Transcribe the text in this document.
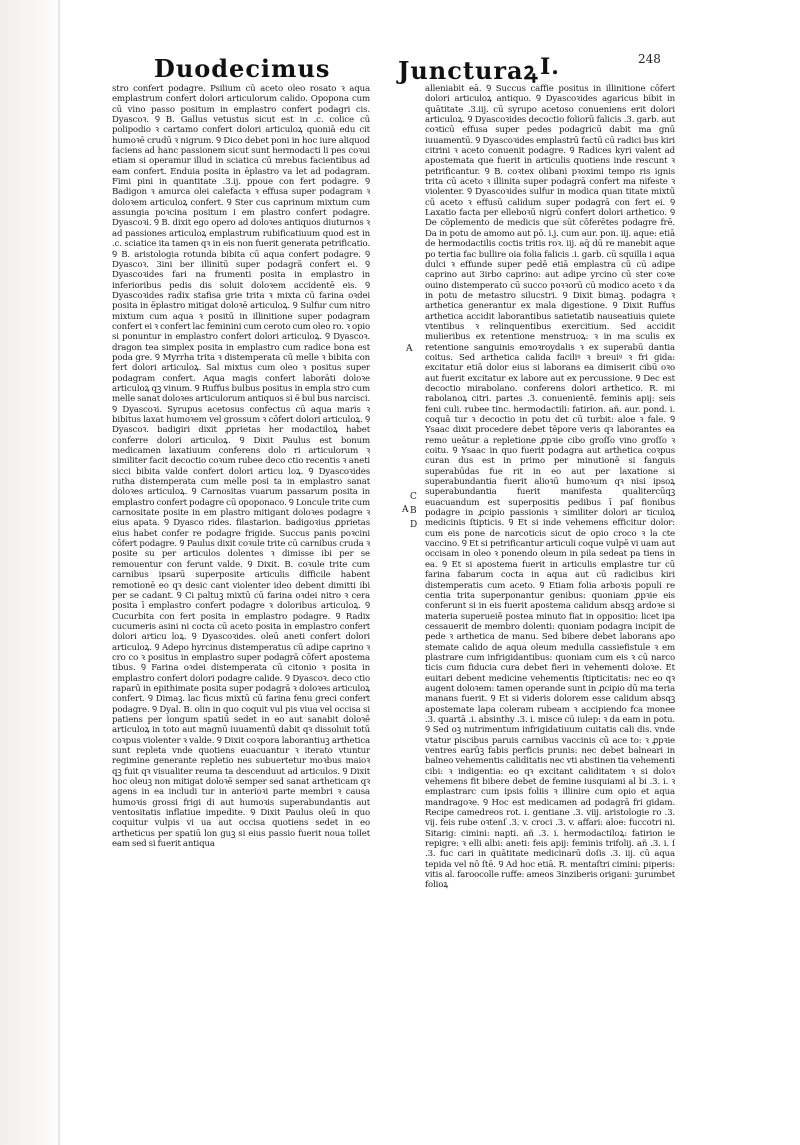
Duodecimus	Juncturaꝝ I.	248

stro confert podagre. Psilium cū aceto oleo rosato ꝛ aqua emplastrum confert dolori articulorum calido. Opopona cum cū vino passo positum in emplastro confert podagri cis. Dyascoꝛ. Ꝯ B. Gallus vetustus sicut est in .c. colice cū polipodio ꝛ cartamo confert dolori articuloꝝ quoniā edu cit humoꝛē crudū ꝛ nigrum. Ꝯ Dico debet poni in hoc iure aliquod faciens ad hanc passionem sicut sunt hermodacti li pes coꝛui etiam si operamur illud in sciatica cū mrebus facientibus ad eam confert. Enduia posita in ēplastro va let ad podagram. Fimi pini in quantitate .3.ij. ppoue con fert podagre. Ꝯ Badigon ꝛ amurca olei calefacta ꝛ effusa super podagram ꝛ doloꝛem articuloꝝ confert. Ꝯ Ster cus caprinum mixtum cum assungia poꝛcina positum i em plastro confert podagre. Dyascoꝛi. Ꝯ B. dixit ego opero ad doloꝛes antiquos diuturnos ꝛ ad passiones articuloꝝ emplastrum rubificatiuum quod est in .c. sciatice ita tamen qꝛ in eis non fuerit generata petrificatio. Ꝯ B. aristologia rotunda bibita cū aqua confert podagre. Ꝯ Dyascoꝛ. 3ini ber illinitū super podagrā confert ei. Ꝯ Dyascoꝛides fari na frumenti posita in emplastro in inferioribus pedis dis soluit doloꝛem accidentē eis. Ꝯ Dyascoꝛides radix stafisa grie trita ꝛ mixta cū farina oꝛdei posita in ēplastro mitigat doloꝛē articuloꝝ. Ꝯ Sulfur cum nitro mixtum cum aqua ꝛ positū in illinitione super podagram confert ei ꝛ confert lac feminini cum ceroto cum oleo ro. ꝛ opio si ponuntur in emplastro confert dolori articuloꝝ. Ꝯ Dyascoꝛ. dragon tea simplex posita in emplastro cum radice bona est poda gre. Ꝯ Myrrha trita ꝛ distemperata cū melle ꝛ bibita con fert dolori articuloꝝ. Sal mixtus cum oleo ꝛ positus super podagram confert. Aqua magis confert laborāti doloꝛe articuloꝝ qꝫ vinum. Ꝯ Ruffus bulbus positus in empla stro cum melle sanat doloꝛes articulorum antiquos si ē bul bus narcisci. Ꝯ Dyascoꝛi. Syrupus acetosus confectus cū aqua maris ꝛ bibitus laxat humoꝛem vel grossum ꝛ cōfert dolori articuloꝝ. Ꝯ Dyascoꝛ. badigiri dixit ꝓprietas her modactiloꝝ habet conferre dolori articuloꝝ. Ꝯ Dixit Paulus est bonum medicamen laxatiuum conferens dolo ri articulorum ꝛ similiter facit decoctio coꝛum rubee deco ctio recentis ꝛ aneti sicci bibita valde confert dolori articu loꝝ. Ꝯ Dyascoꝛides rutha distemperata cum melle posi ta in emplastro sanat doloꝛes articuloꝝ. Ꝯ Carnositas vuarum passarum posita in emplastro confert podagre cū opoponaco. Ꝯ Loncule trite cum carnositate posite in em plastro mitigant doloꝛes podagre ꝛ eius apata. Ꝯ Dyasco rides. filastarion. badigoꝛius ꝓprietas eius habet confer re podagre frigide. Succus panis poꝛcini cōfert podagre. Ꝯ Paulus dixit coꝛule trite cū carnibus cruda ꝛ posite su per articulos dolentes ꝛ dimisse ibi per se remouentur con ferunt valde. Ꝯ Dixit. B. coꝛule trite cum carnibus ipsarū superposite articulis difficile habent remotionē eo qꝛ desic cant violenter ideo debent dimitti ibi per se cadant. Ꝯ Ci paltuꝫ mixtū cū farina oꝛdei nitro ꝛ cera posita ī emplastro confert podagre ꝛ doloribus articuloꝝ. Ꝯ Cucurbita con fert posita in emplastro podagre. Ꝯ Radix cucumeris asini ni cocta cū aceto posita in emplastro confert dolori articu loꝝ. Ꝯ Dyascoꝛides. oleū aneti confert dolori articuloꝝ. Ꝯ Adepo hyrcinus distemperatus cū adipe caprino ꝛ cro co ꝛ positus in emplastro super podagrā cōfert apostema tibus. Ꝯ Farina oꝛdei distemperata cū citonio ꝛ posita in emplastro confert dolori podagre calide. Ꝯ Dyascoꝛ. deco ctio raparū in epithimate posita super podagrā ꝛ doloꝛes articuloꝝ confert. Ꝯ Dimaꝫ. lac ficus mixtū cū farina fenu greci confert podagre. Ꝯ Dyal. B. olin in quo coquit vul pis viua vel occisa si patiens per longum spatiū sedet in eo aut sanabit doloꝛē articuloꝝ in toto aut magnū iuuamentū dabit qꝛ dissoluit totū coꝛpus violenter ꝛ valde. Ꝯ Dixit coꝛpora laborantiuꝫ arthetica sunt repleta vnde quotiens euacuantur ꝛ iterato vtuntur regimine generante repletio nes subuertetur moꝛbus maioꝛ qꝫ fuit qꝛ visualiter reuma ta descenduut ad articulos. Ꝯ Dixit hoc oleuꝫ non mitigat doloꝛē semper sed sanat artheticam qꝛ agens in ea includi tur in anterioꝛi parte membri ꝛ causa humoꝛis grossi frigi di aut humoꝛis superabundantis aut ventositatis inflatiue impedite. Ꝯ Dixit Paulus oleū in quo coquitur vulpis vi ua aut occisa quotiens sedet in eo artheticus per spatiū lon guꝫ si eius passio fuerit noua tollet eam sed si fuerit antiqua

alleniabit eā. Ꝯ Succus caffie positus in illinitione cōfert dolori articuloꝝ antiquo. Ꝯ Dyascoꝛides agaricus bibit in quātitate .3.iij. cū syrupo acetoso conueniens erit dolori articuloꝝ. Ꝯ Dyascoꝛides decoctio foliorū falicis .3. garb. aut coꝛticū effusa super pedes podagricū dabit ma gnū iuuamentū. Ꝯ Dyascoꝛides emplastrū factū cū radici bus kiri citrini ꝛ aceto conuenit podagre. Ꝯ Radices kyri valent ad apostemata que fuerit in articulis quotiens inde rescunt ꝛ petrificantur. Ꝯ B. coꝛtex olibani pꝛoximi tempo ris ignis trita cū aceto ꝛ illinita super podagrā confert ma nifeste ꝛ violenter. Ꝯ Dyascoꝛides sulfur in modica quan titate mixtū cū aceto ꝛ effusū calidum super podagrā con fert ei. Ꝯ Laxatio facta per elleboꝛū nigrū confert dolori arthetico. Ꝯ De cōplemento de medicis que sūt cōferētes podagre frē. Da in potu de amomo aut pō. i.j. cum aur. pon. iij. aque: etiā de hermodactilis coctis tritis roꝛ. iij. aq̄ dū re manebit aque po tertia fac bullire oia folia falicis .i. garb. cū squilla i aqua dulci ꝛ effunde super pedē etiā emplastra cū cū adipe caprino aut 3irbo caprino: aut adipe yrcino cū ster coꝛe ouino distemperato cū succo poꝛꝛorū cū modico aceto ꝛ da in potu de metastro silucstri. Ꝯ Dixit bimaꝫ. podagra ꝛ arthetica generantur ex mala digestione. Ꝯ Dixit Ruffus arthetica accidit laborantibus satietatib nauseatiuis quiete vtentibus ꝛ relinquentibus exercitium. Sed accidit mulieribus ex retentione menstruoꝝ: ꝛ in ma sculis ex retentione sanguinis emoꝛroydalis ꝛ ex superabū dantia coitus. Sed arthetica calida faciliꝰ ꝛ breuiꝰ ꝛ fri gida: excitatur etiā dolor eius si laborans ea dimiserit cibū oꝛo aut fuerit excitatur ex labore aut ex percussione. Ꝯ Dec est decoctio mirabolano. conferens dolori arthetico. R. mi rabolanoꝝ citri. partes .3. conuenientē. feminis apij: seis feni culi. rubee tinc. hermodactili: fatirion. añ. aur. pond. i. coquā tur ꝛ decoctio in potu det cū turbit: aloe ꝛ fale. Ꝯ Ysaac dixit procedere debet tēpore veris qꝛ laborantes ea remo ueātur a repletione ꝓpꝛie cibo groſſo vino groſſo ꝛ coitu. Ꝯ Ysaac in quo fuerit podagra aut arthetica coꝛpus curan dus est in primo per minutionē si fanguis superabūdas fue rit in eo aut per laxatione si superabundantia fuerit alioꝛū humoꝛum qꝛ nisi ipsoꝝ superabundantia fuerit manifesta qualitercūqꝫ euacuandum est superpositis pedibus ī paſ fionibus podagre in ꝓcipio passionis ꝛ similiter dolori ar ticuloꝝ medicinis ſtipticis. Ꝯ Et si inde vehemens efficitur dolor: cum eis pone de narcoticis sicut de opio croco ꝛ la cte vaccino. Ꝯ Et si petrificantur articuli coque vulpē vi uam aut occisam in oleo ꝛ ponendo oleum in pila sedeat pa tiens in ea. Ꝯ Et si apostema fuerit in articulis emplastre tur cū farina fabarum cocta in aqua aut cū radicibus kiri distemperatis cum aceto. Ꝯ Etiam folia arboꝛis populi re centia trita superponantur genibus: quoniam ꝓpꝛie eis conferunt si in eis fuerit apostema calidum absqꝫ ardoꝛe si materia superueiē postea minuto fiat in oppositio: licet ipa cessauerit de membro dolenti: quoniam podagra incipit de pede ꝛ arthetica de manu. Sed bibere debet laborans apo stemate calido de aqua oleum medulla cassiefistule ꝛ em plastrare cum infrigidantibus: quoniam cum eis ꝛ cū narco ticis cum fiducia cura debet fieri in vehementi doloꝛe. Et euitari debent medicine vehementis ſtipticitatis: nec eo qꝛ augent doloꝛem: tamen operande sunt in ꝓcipio dū ma teria manans fuerit. Ꝯ Et si videris dolorem esse calidum absqꝫ apostemate lapa coleram rubeam ꝛ accipiendo fca monee .3. quartā .i. absinthy .3. i. misce cū iulep: ꝛ da eam in potu. Ꝯ Sed oꝫ nutrimentum infrigidatiuum cuitatis cali dis. vnde vtatur piscibus paruis carnibus vaccinis cū ace to: ꝛ ꝓpꝛie ventres earūꝫ fabis perficis prunis: nec debet balneari in balneo vehementis caliditatis nec vti abstinen tia vehementi cibi: ꝛ indigentia: eo qꝛ excitant caliditatem ꝛ si doloꝛ vehemens fit bibere debet de femine iusquiami al bi .3. i. ꝛ emplastrarc cum ipsis foliis ꝛ illinire cum opio et aqua mandragoꝛe. Ꝯ Hoc est medicamen ad podagrā fri gidam. Recipe camedreos rot. i. gentiane .3. viij. aristologie ro .3. vij. feis rube oꝛtenſ .3. v. croci .3. v. affari: aloe: fuccotri ni. Sitarig: cimini: napti. añ .3. i. hermodactiloꝝ: fatirion ie repigre: ꝛ elli albi: aneti: feis apij: feminis trifolij. añ .3. i. ſ .3. fuc cari in quātitate medicinarū doſis .3. iij. cū aqua tepida vel nō ſtē. Ꝯ Ad hoc etiā. R. mentaſtri cimini: piperis: vitis al. faroocolle ruffe: ameos 3inziberis origani: ꝫurumbet folioꝝ

A
C
A B
D
